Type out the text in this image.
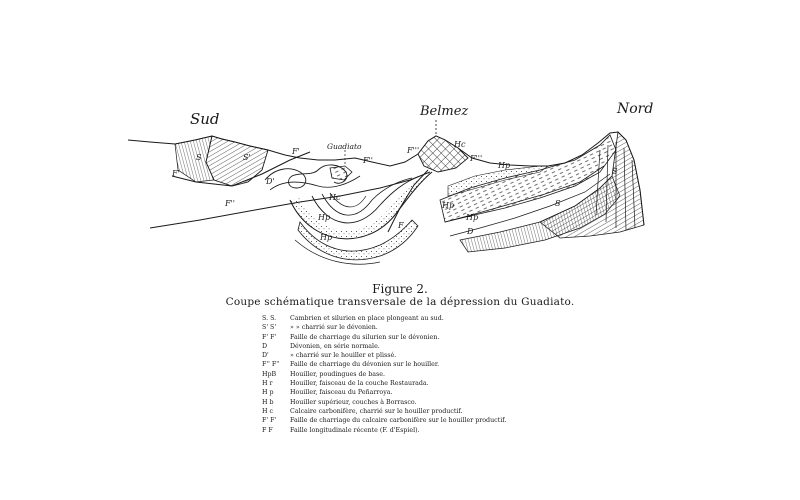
Sud	Belmez	Nord
Guadiato
S	S'
F'
F'
D'
F''
F''
Hc
Hp
Hp
F
F'''
Hc
F'''
Hp
Hp
Hp
D
S
S
Figure 2.
Coupe schématique transversale de la dépression du Guadiato.
S. S.	Cambrien et silurien en place plongeant au sud.
S' S'	» » charrié sur le dévonien.
F' F'	Faille de charriage du silurien sur le dévonien.
D	Dévonien, en série normale.
D'	» charrié sur le houiller et plissé.
F'' F''	Faille de charriage du dévonien sur le houiller.
HpB	Houiller, poudingues de base.
H r	Houiller, faisceau de la couche Restaurada.
H p	Houiller, faisceau du Peñarroya.
H b	Houiller supérieur, couches à Borrasco.
H c	Calcaire carbonifère, charrié sur le houiller productif.
F' F'	Faille de charriage du calcaire carbonifère sur le houiller productif.
F F	Faille longitudinale récente (F. d'Espiel).
